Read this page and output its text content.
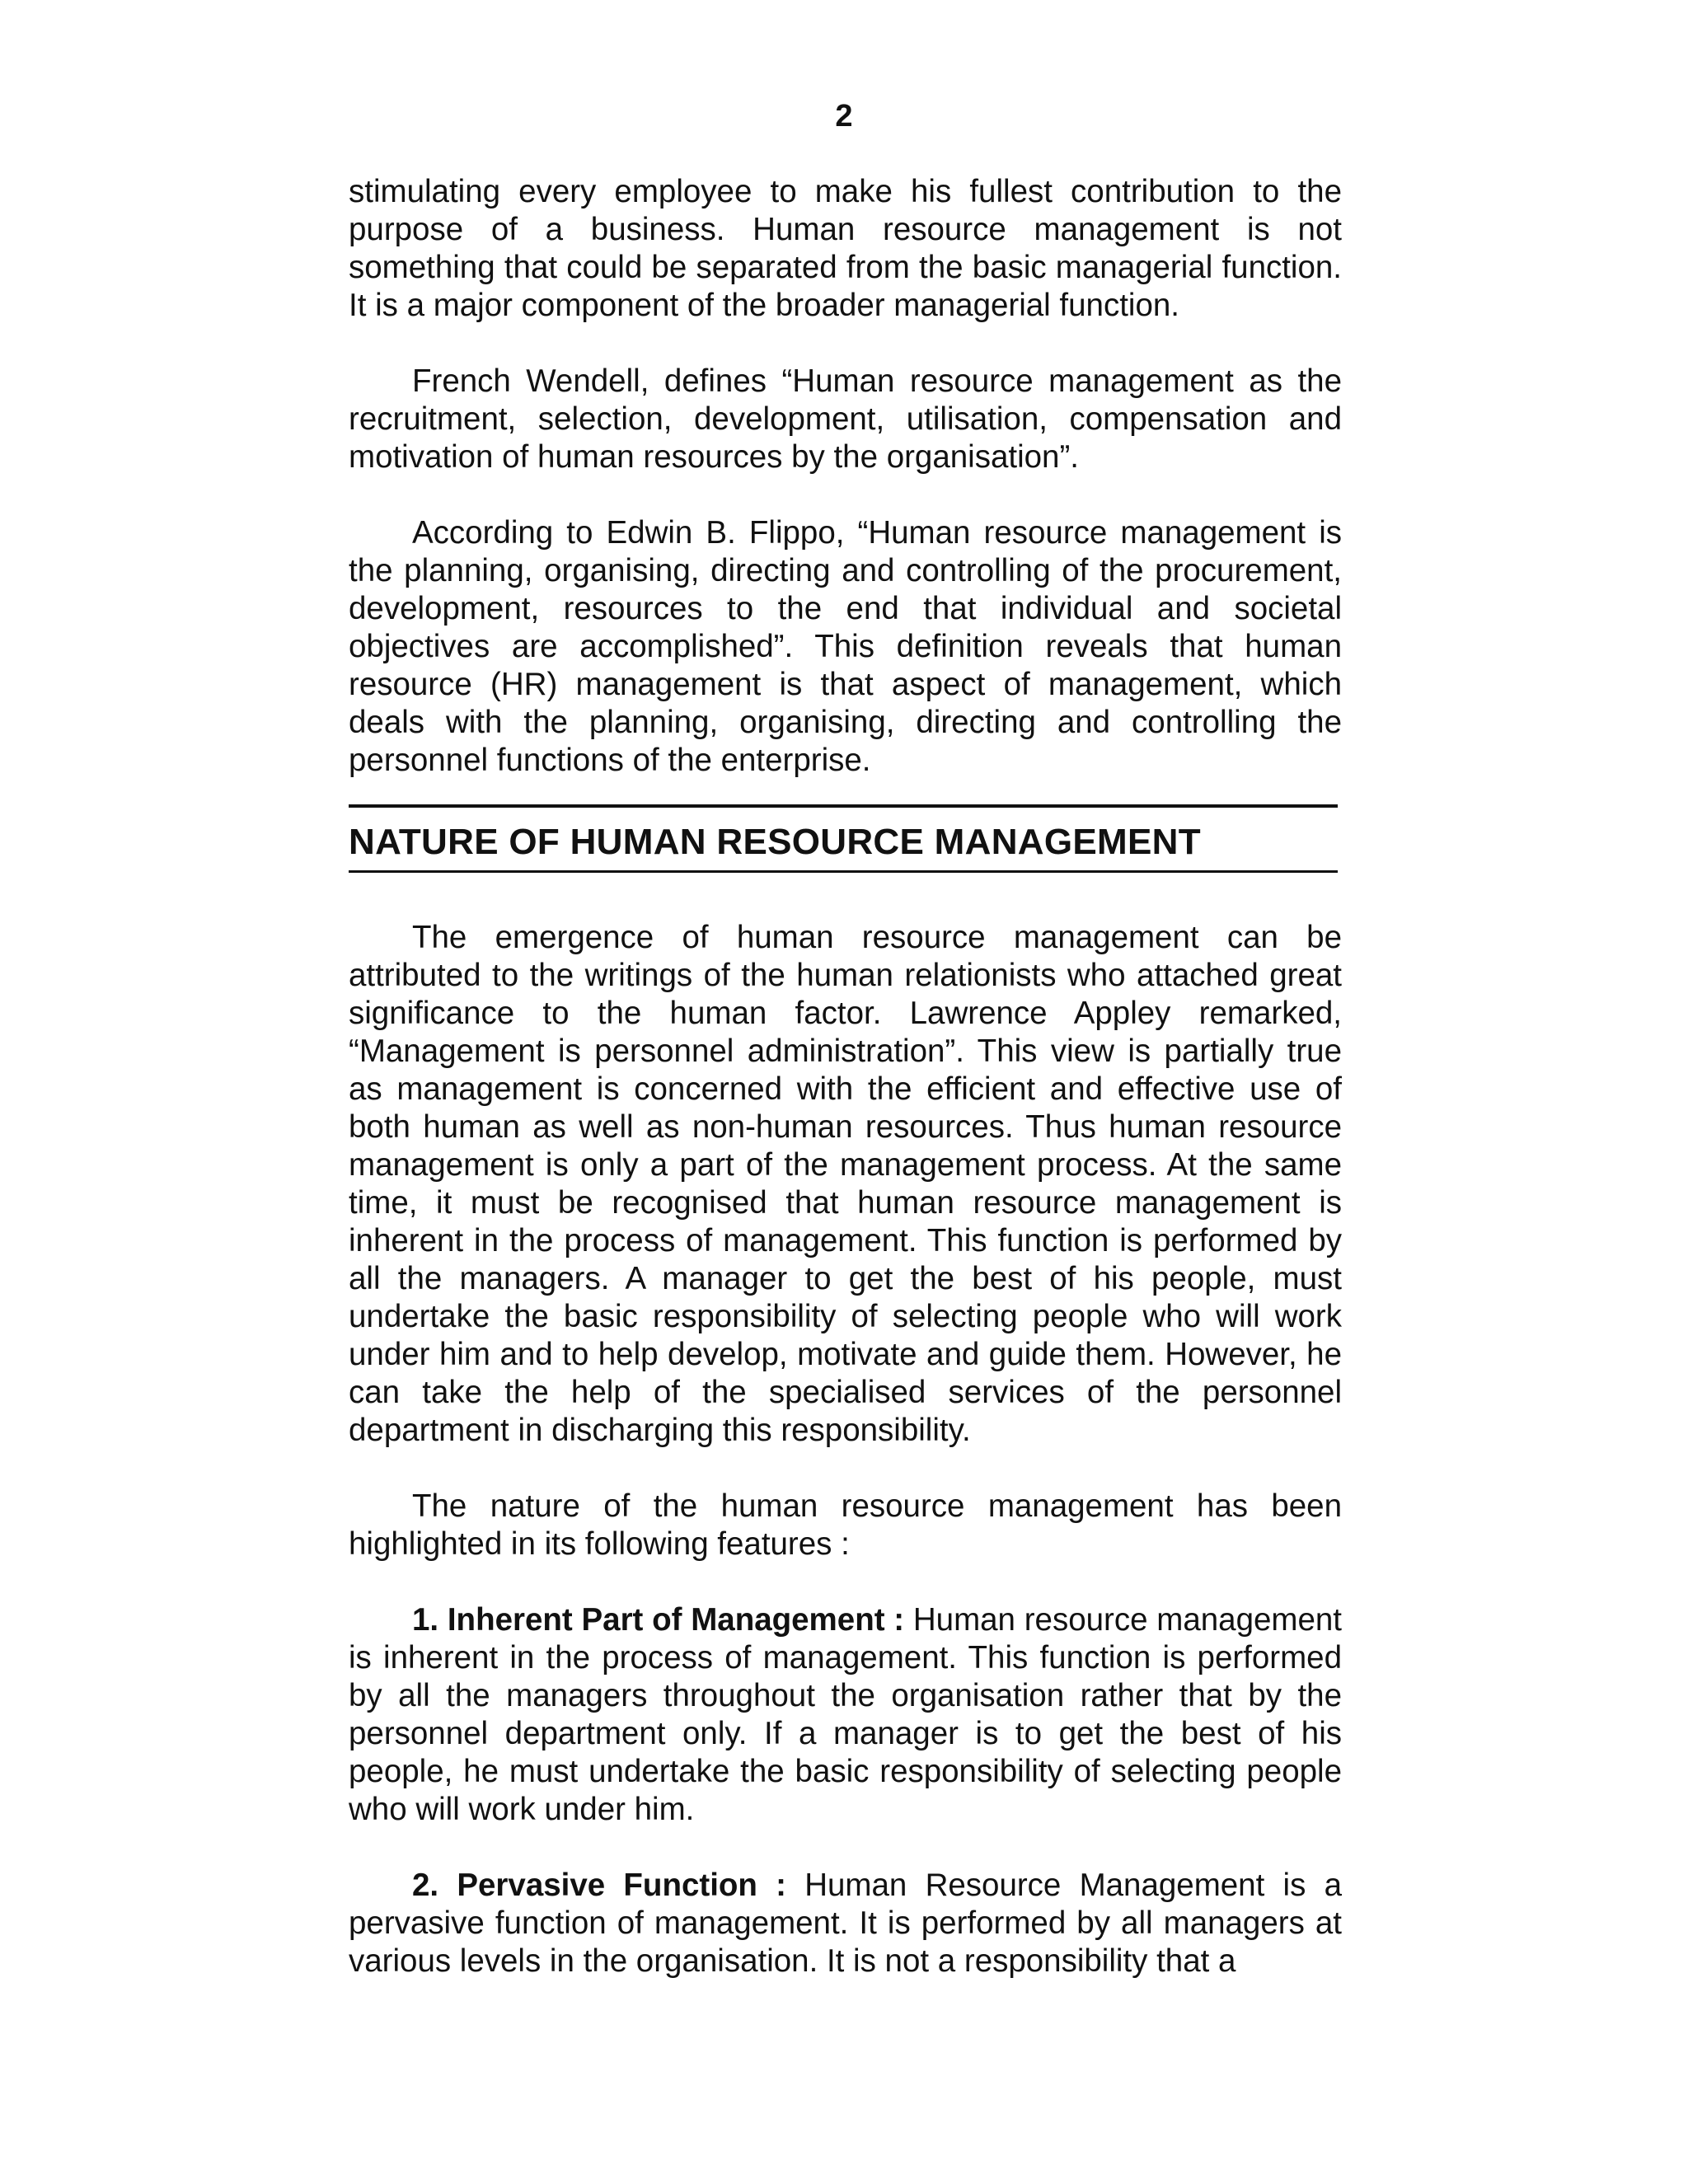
2

stimulating every employee to make his fullest contribution to the purpose of a business. Human resource management is not something that could be separated from the basic managerial function. It is a major component of the broader managerial function.

French Wendell, defines “Human resource management as the recruitment, selection, development, utilisation, compensation and motivation of human resources by the organisation”.

According to Edwin B. Flippo, “Human resource management is the planning, organising, directing and controlling of the procurement, development, resources to the end that individual and societal objectives are accomplished”. This definition reveals that human resource (HR) management is that aspect of management, which deals with the planning, organising, directing and controlling the personnel functions of the enterprise.

NATURE OF HUMAN RESOURCE MANAGEMENT

The emergence of human resource management can be attributed to the writings of the human relationists who attached great significance to the human factor. Lawrence Appley remarked, “Management is personnel administration”. This view is partially true as management is concerned with the efficient and effective use of both human as well as non-human resources. Thus human resource management is only a part of the management process. At the same time, it must be recognised that human resource management is inherent in the process of management. This function is performed by all the managers. A manager to get the best of his people, must undertake the basic responsibility of selecting people who will work under him and to help develop, motivate and guide them. However, he can take the help of the specialised services of the personnel department in discharging this responsibility.

The nature of the human resource management has been highlighted in its following features :

1. Inherent Part of Management : Human resource management is inherent in the process of management. This function is performed by all the managers throughout the organisation rather that by the personnel department only. If a manager is to get the best of his people, he must undertake the basic responsibility of selecting people who will work under him.

2. Pervasive Function : Human Resource Management is a pervasive function of management. It is performed by all managers at various levels in the organisation. It is not a responsibility that a
